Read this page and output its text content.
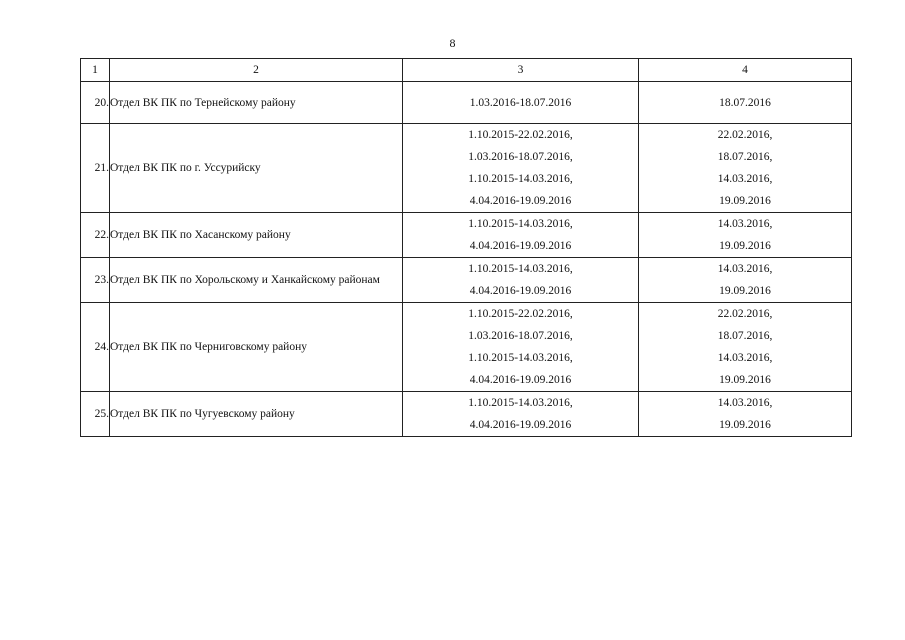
8
1	2	3	4
20.	Отдел ВК ПК по Тернейскому району	1.03.2016-18.07.2016	18.07.2016

21.	Отдел ВК ПК по г. Уссурийску	1.10.2015-22.02.2016,
1.03.2016-18.07.2016,
1.10.2015-14.03.2016,
4.04.2016-19.09.2016	22.02.2016,
18.07.2016,
14.03.2016,
19.09.2016

22.	Отдел ВК ПК по Хасанскому району	1.10.2015-14.03.2016,
4.04.2016-19.09.2016	14.03.2016,
19.09.2016

23.	Отдел ВК ПК по Хорольскому и Ханкайскому районам	1.10.2015-14.03.2016,
4.04.2016-19.09.2016	14.03.2016,
19.09.2016

24.	Отдел ВК ПК по Черниговскому району	1.10.2015-22.02.2016,
1.03.2016-18.07.2016,
1.10.2015-14.03.2016,
4.04.2016-19.09.2016	22.02.2016,
18.07.2016,
14.03.2016,
19.09.2016

25.	Отдел ВК ПК по Чугуевскому району	1.10.2015-14.03.2016,
4.04.2016-19.09.2016	14.03.2016,
19.09.2016
